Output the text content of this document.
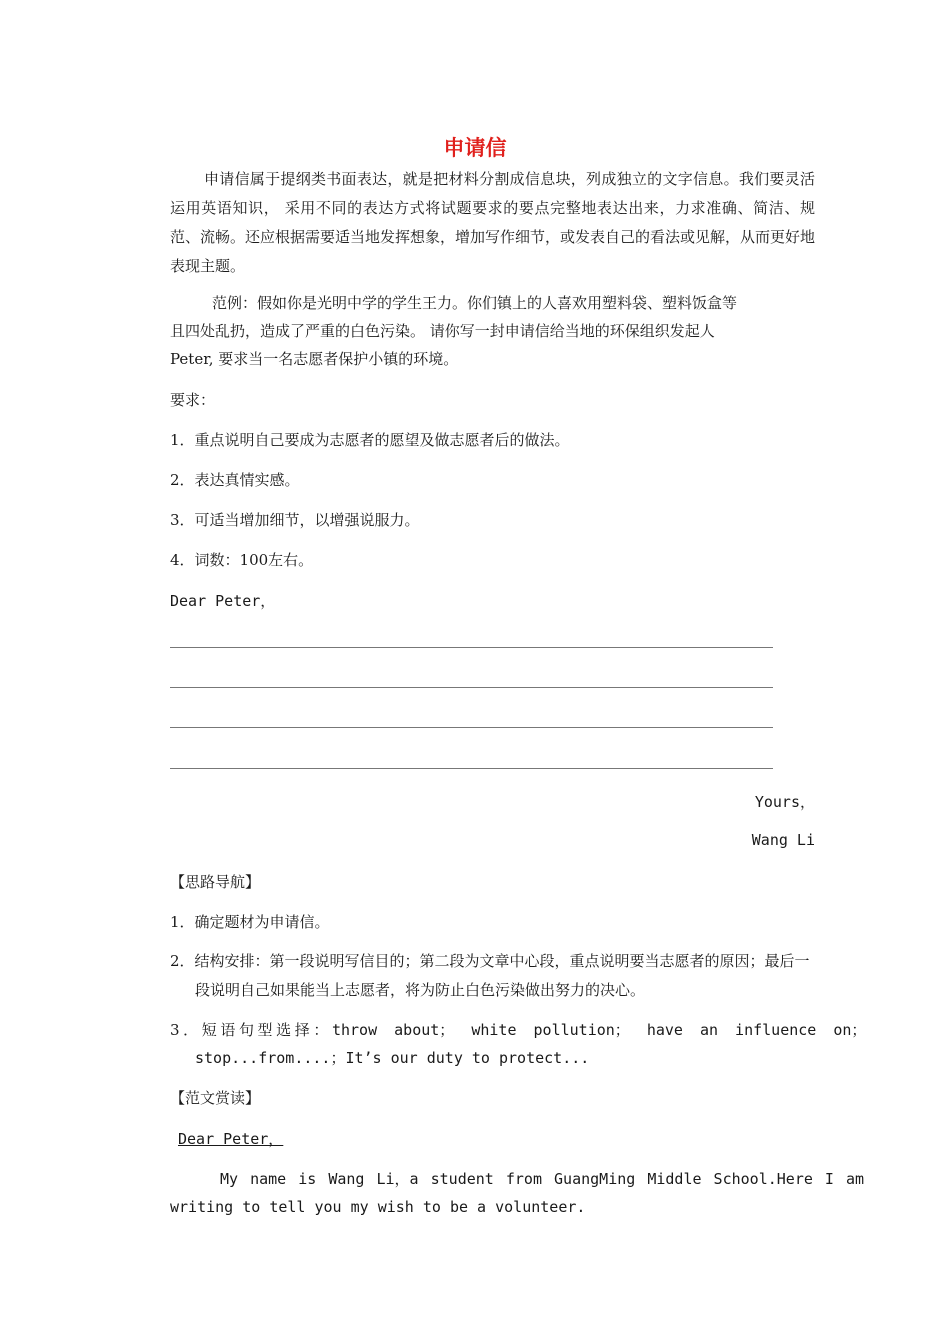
申请信
申请信属于提纲类书面表达，就是把材料分割成信息块，列成独立的文字信息。我们要灵活运用英语知识， 采用不同的表达方式将试题要求的要点完整地表达出来，力求准确、简洁、规范、流畅。还应根据需要适当地发挥想象，增加写作细节，或发表自己的看法或见解，从而更好地表现主题。
范例：假如你是光明中学的学生王力。你们镇上的人喜欢用塑料袋、塑料饭盒等
且四处乱扔，造成了严重的白色污染。 请你写一封申请信给当地的环保组织发起人
Peter, 要求当一名志愿者保护小镇的环境。
要求：
1．重点说明自己要成为志愿者的愿望及做志愿者后的做法。
2．表达真情实感。
3．可适当增加细节，以增强说服力。
4．词数：100左右。
Dear Peter，
Yours，
Wang Li
【思路导航】
1．确定题材为申请信。
2．结构安排：第一段说明写信目的；第二段为文章中心段，重点说明要当志愿者的原因；最后一段说明自己如果能当上志愿者，将为防止白色污染做出努力的决心。
3．短语句型选择：throw about； white pollution； have an influence on；
stop...from....；It’s our duty to protect...
【范文赏读】
Dear Peter，
My name is Wang Li，a student from GuangMing Middle School.Here I am
writing to tell you my wish to be a volunteer.
